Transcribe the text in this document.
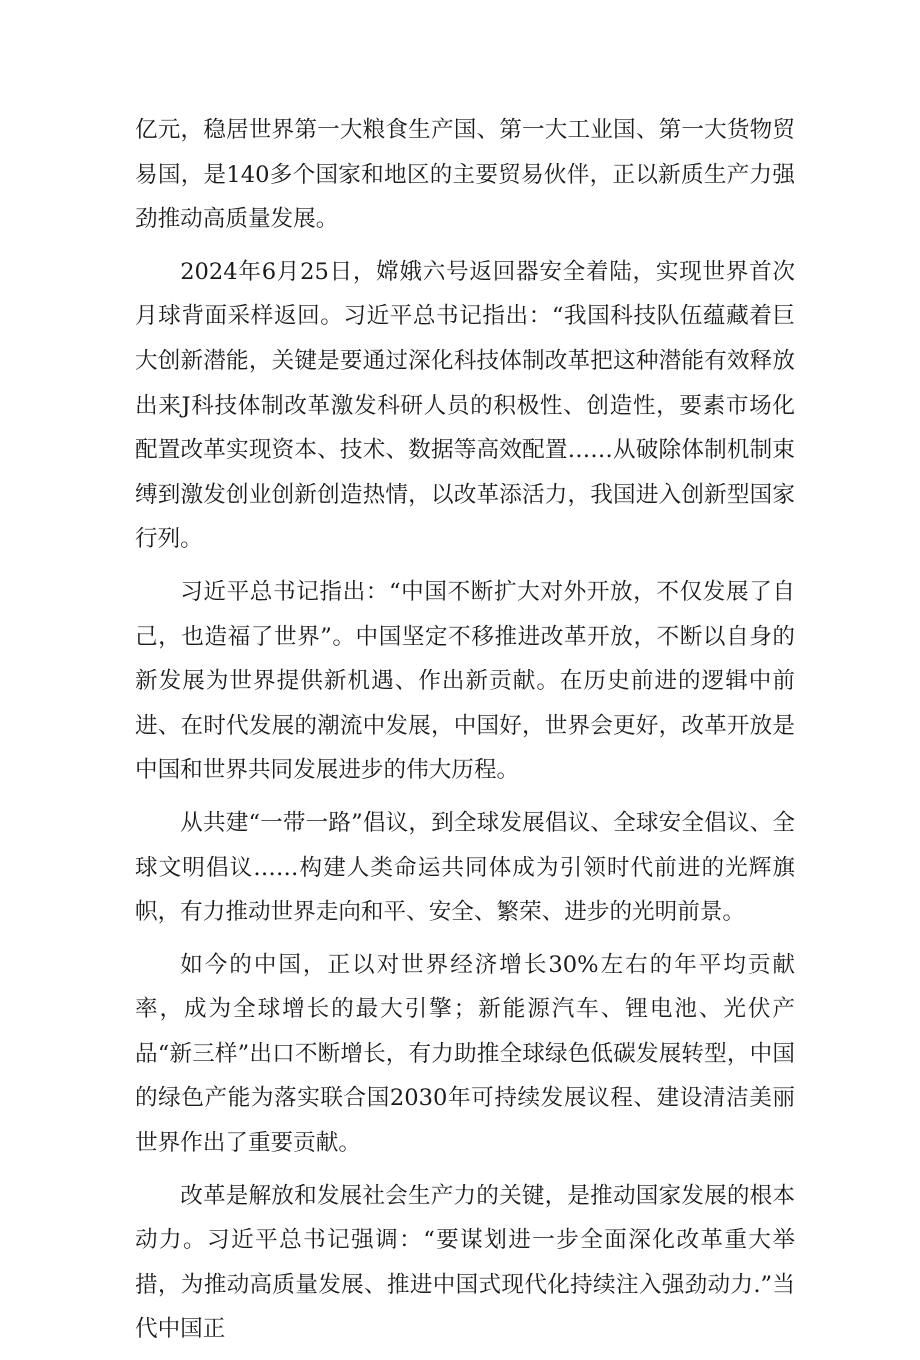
亿元，稳居世界第一大粮食生产国、第一大工业国、第一大货物贸易国，是140多个国家和地区的主要贸易伙伴，正以新质生产力强劲推动高质量发展。

2024年6月25日，嫦娥六号返回器安全着陆，实现世界首次月球背面采样返回。习近平总书记指出：“我国科技队伍蕴藏着巨大创新潜能，关键是要通过深化科技体制改革把这种潜能有效释放出来J科技体制改革激发科研人员的积极性、创造性，要素市场化配置改革实现资本、技术、数据等高效配置……从破除体制机制束缚到激发创业创新创造热情，以改革添活力，我国进入创新型国家行列。

习近平总书记指出：“中国不断扩大对外开放，不仅发展了自己，也造福了世界”。中国坚定不移推进改革开放，不断以自身的新发展为世界提供新机遇、作出新贡献。在历史前进的逻辑中前进、在时代发展的潮流中发展，中国好，世界会更好，改革开放是中国和世界共同发展进步的伟大历程。

从共建“一带一路”倡议，到全球发展倡议、全球安全倡议、全球文明倡议……构建人类命运共同体成为引领时代前进的光辉旗帜，有力推动世界走向和平、安全、繁荣、进步的光明前景。

如今的中国，正以对世界经济增长30%左右的年平均贡献率，成为全球增长的最大引擎；新能源汽车、锂电池、光伏产品“新三样”出口不断增长，有力助推全球绿色低碳发展转型，中国的绿色产能为落实联合国2030年可持续发展议程、建设清洁美丽世界作出了重要贡献。

改革是解放和发展社会生产力的关键，是推动国家发展的根本动力。习近平总书记强调：“要谋划进一步全面深化改革重大举措，为推动高质量发展、推进中国式现代化持续注入强劲动力.”当代中国正
